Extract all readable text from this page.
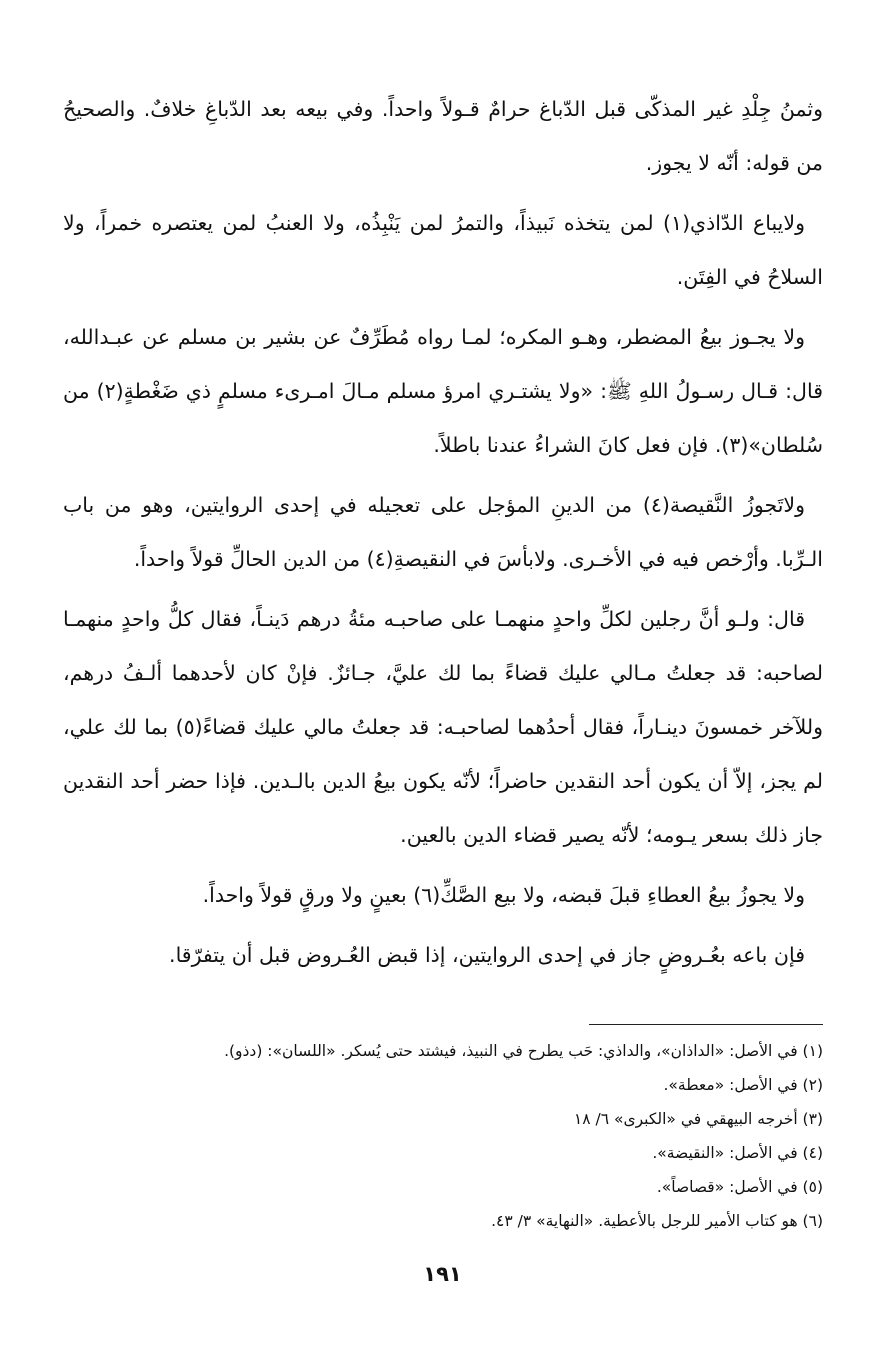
وثمنُ جِلْدِ غير المذكّى قبل الدّباغ حرامٌ قـولاً واحداً. وفي بيعه بعد الدّباغِ خلافٌ. والصحيحُ من قوله: أنّه لا يجوز.

ولايباع الدّاذي(١) لمن يتخذه نَبيذاً، والتمرُ لمن يَنْبِذُه، ولا العنبُ لمن يعتصره خمراً، ولا السلاحُ في الفِتَن.

ولا يجـوز بيعُ المضطر، وهـو المكره؛ لمـا رواه مُطَرِّفٌ عن بشير بن مسلم عن عبـدالله، قال: قـال رسـولُ اللهِ ﷺ: «ولا يشتـري امرؤ مسلم مـالَ امـرىء مسلمٍ ذي ضَغْطةٍ(٢) من سُلطان»(٣). فإن فعل كانَ الشراءُ عندنا باطلاً.

ولاتَجوزُ النَّقيصة(٤) من الدينِ المؤجل على تعجيله في إحدى الروايتين، وهو من باب الـرِّبا. وأرْخص فيه في الأخـرى. ولابأسَ في النقيصةِ(٤) من الدين الحالِّ قولاً واحداً.

قال: ولـو أنَّ رجلين لكلِّ واحدٍ منهمـا على صاحبـه مئةُ درهم دَينـاً، فقال كلُّ واحدٍ منهمـا لصاحبه: قد جعلتُ مـالي عليك قضاءً بما لك عليَّ، جـائزٌ. فإنْ كان لأحدهما ألـفُ درهم، وللآخر خمسونَ دينـاراً، فقال أحدُهما لصاحبـه: قد جعلتُ مالي عليك قضاءً(٥) بما لك علي، لم يجز، إلاّ أن يكون أحد النقدين حاضراً؛ لأنّه يكون بيعُ الدين بالـدين. فإذا حضر أحد النقدين جاز ذلك بسعر يـومه؛ لأنّه يصير قضاء الدين بالعين.

ولا يجوزُ بيعُ العطاءِ قبلَ قبضه، ولا بيع الصَّكِّ(٦) بعينٍ ولا ورقٍ قولاً واحداً.

فإن باعه بعُـروضٍ جاز في إحدى الروايتين، إذا قبض العُـروض قبل أن يتفرّقا.

(١) في الأصل: «الداذان»، والداذي: حَب يطرح في النبيذ، فيشتد حتى يُسكر. «اللسان»: (دذو).
(٢) في الأصل: «معطة».
(٣) أخرجه البيهقي في «الكبرى» ٦/ ١٨
(٤) في الأصل: «النقيضة».
(٥) في الأصل: «قصاصاً».
(٦) هو كتاب الأمير للرجل بالأعطية. «النهاية» ٣/ ٤٣.
١٩١
